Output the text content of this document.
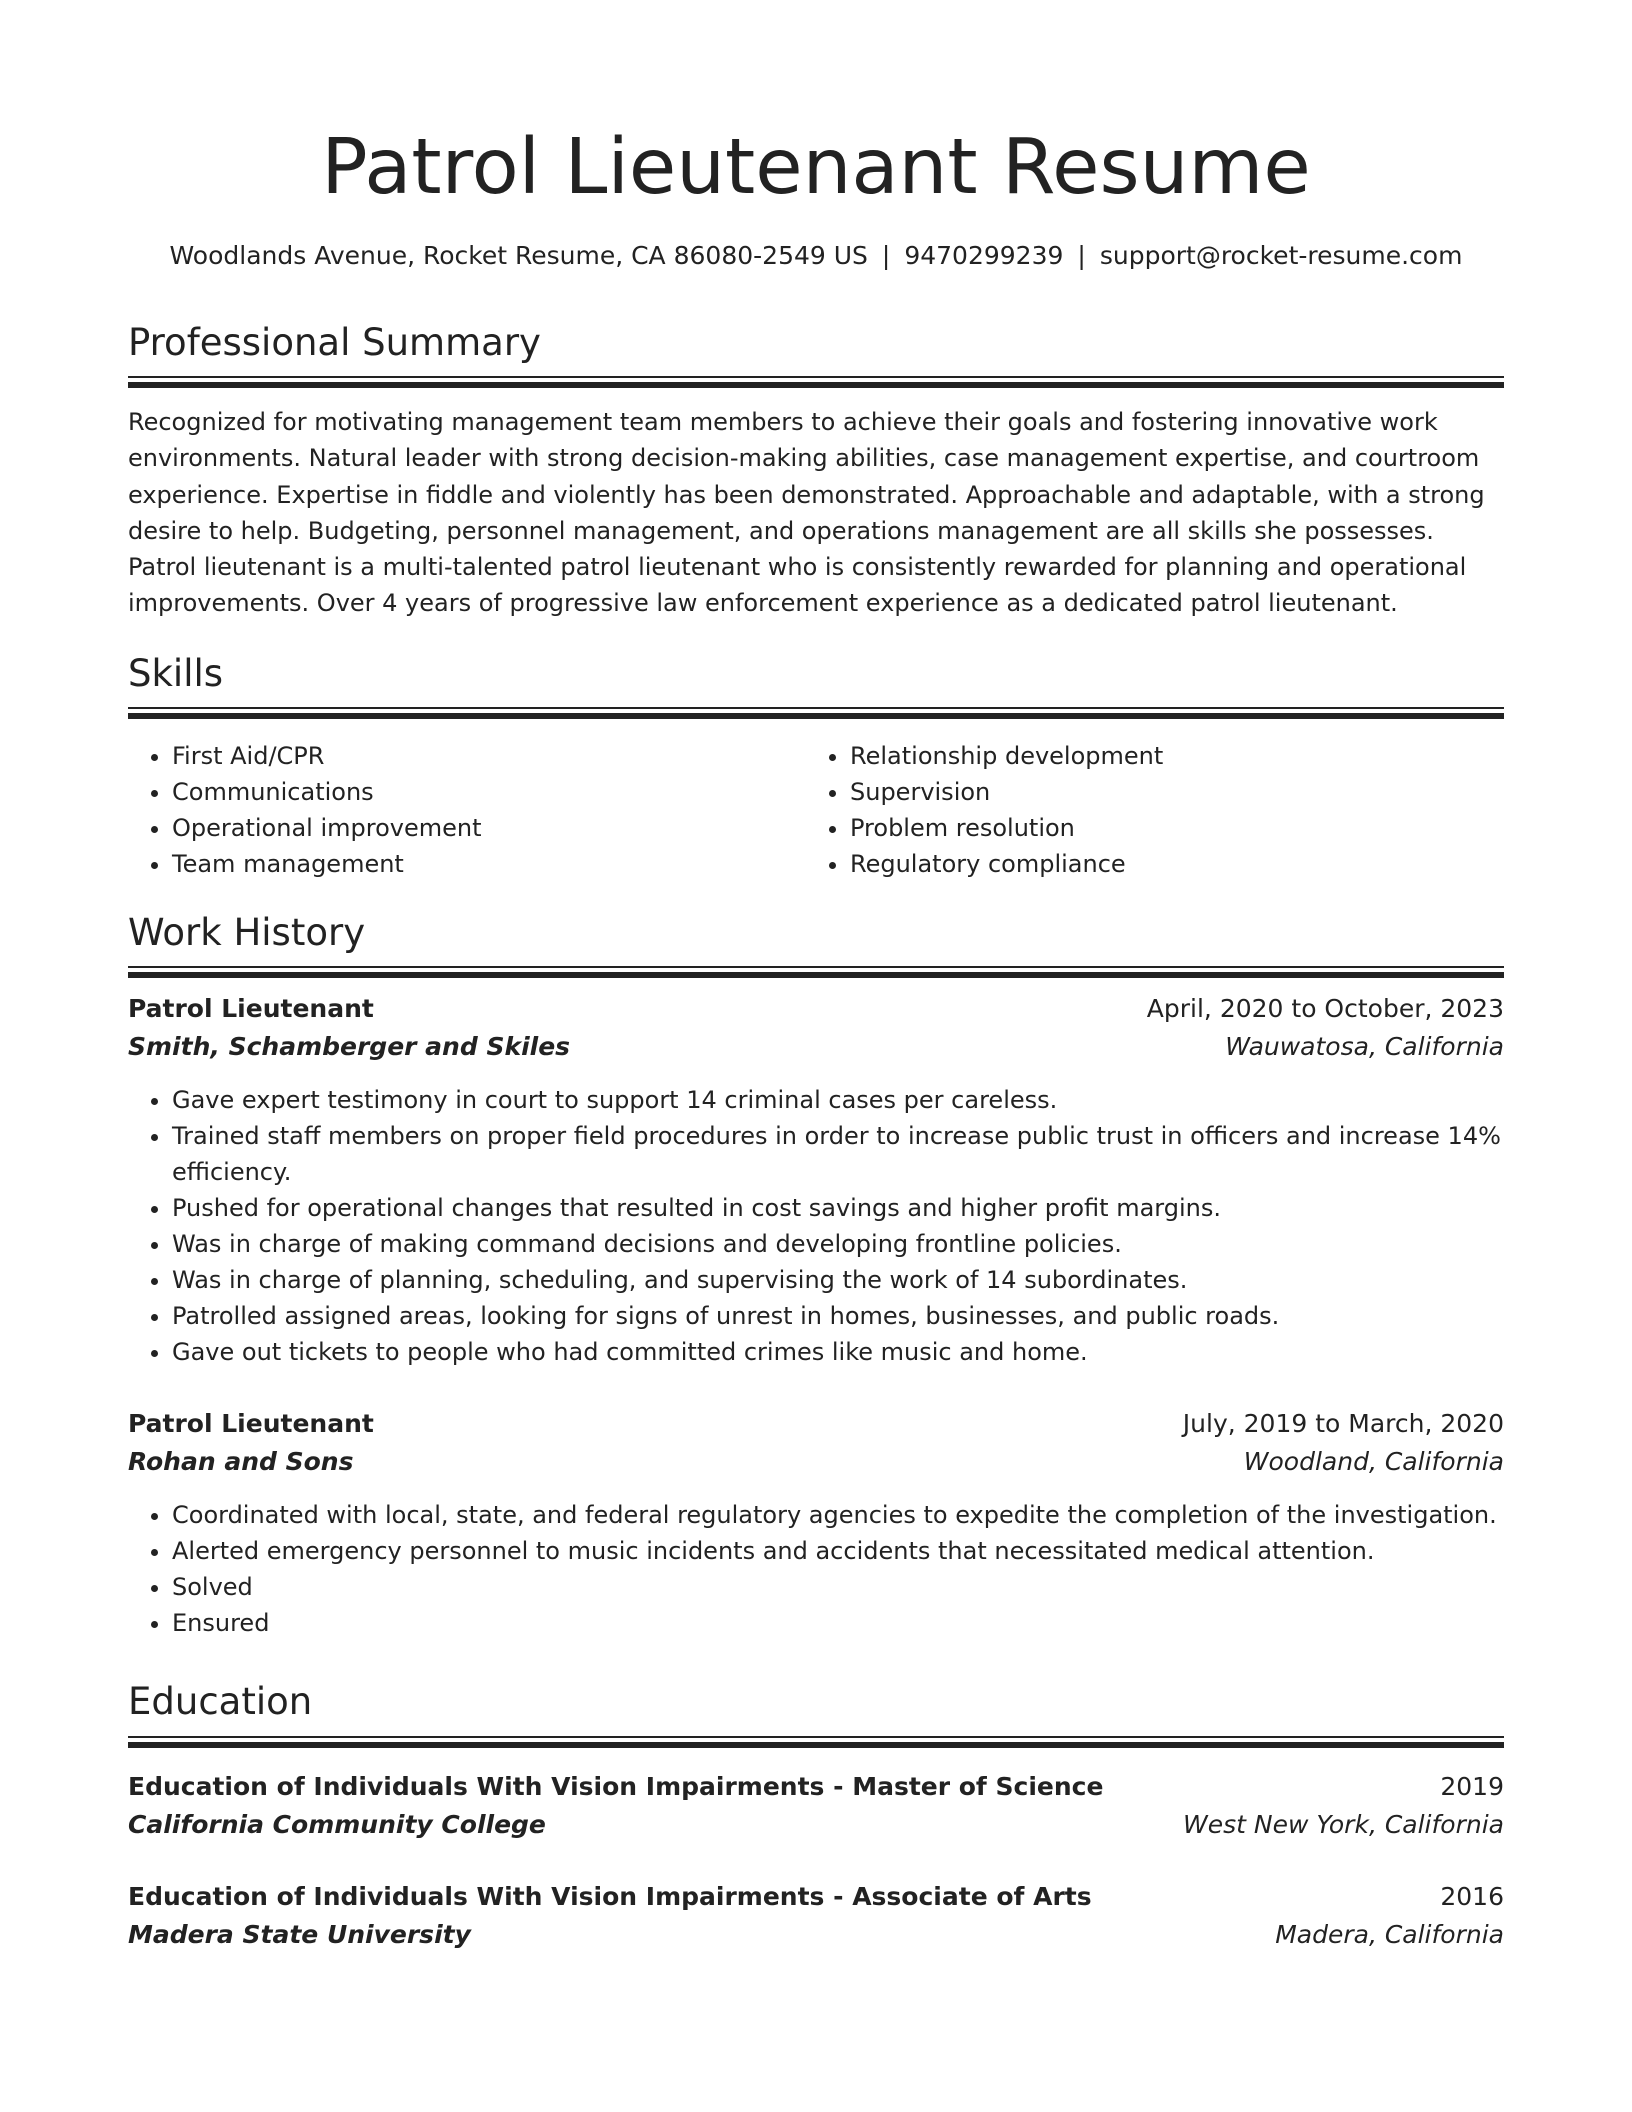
Patrol Lieutenant Resume
Woodlands Avenue, Rocket Resume, CA 86080-2549 US | 9470299239 | support@rocket-resume.com
Professional Summary

Recognized for motivating management team members to achieve their goals and fostering innovative work environments. Natural leader with strong decision-making abilities, case management expertise, and courtroom experience. Expertise in fiddle and violently has been demonstrated. Approachable and adaptable, with a strong desire to help. Budgeting, personnel management, and operations management are all skills she possesses. Patrol lieutenant is a multi-talented patrol lieutenant who is consistently rewarded for planning and operational improvements. Over 4 years of progressive law enforcement experience as a dedicated patrol lieutenant.

Skills
• First Aid/CPR
• Communications
• Operational improvement
• Team management
• Relationship development
• Supervision
• Problem resolution
• Regulatory compliance
Work History
Patrol Lieutenant	April, 2020 to October, 2023
Smith, Schamberger and Skiles	Wauwatosa, California
• Gave expert testimony in court to support 14 criminal cases per careless.
• Trained staff members on proper field procedures in order to increase public trust in officers and increase 14% efficiency.
• Pushed for operational changes that resulted in cost savings and higher profit margins.
• Was in charge of making command decisions and developing frontline policies.
• Was in charge of planning, scheduling, and supervising the work of 14 subordinates.
• Patrolled assigned areas, looking for signs of unrest in homes, businesses, and public roads.
• Gave out tickets to people who had committed crimes like music and home.
Patrol Lieutenant	July, 2019 to March, 2020
Rohan and Sons	Woodland, California
• Coordinated with local, state, and federal regulatory agencies to expedite the completion of the investigation.
• Alerted emergency personnel to music incidents and accidents that necessitated medical attention.
• Solved
• Ensured
Education
Education of Individuals With Vision Impairments - Master of Science	2019
California Community College	West New York, California
Education of Individuals With Vision Impairments - Associate of Arts	2016
Madera State University	Madera, California
